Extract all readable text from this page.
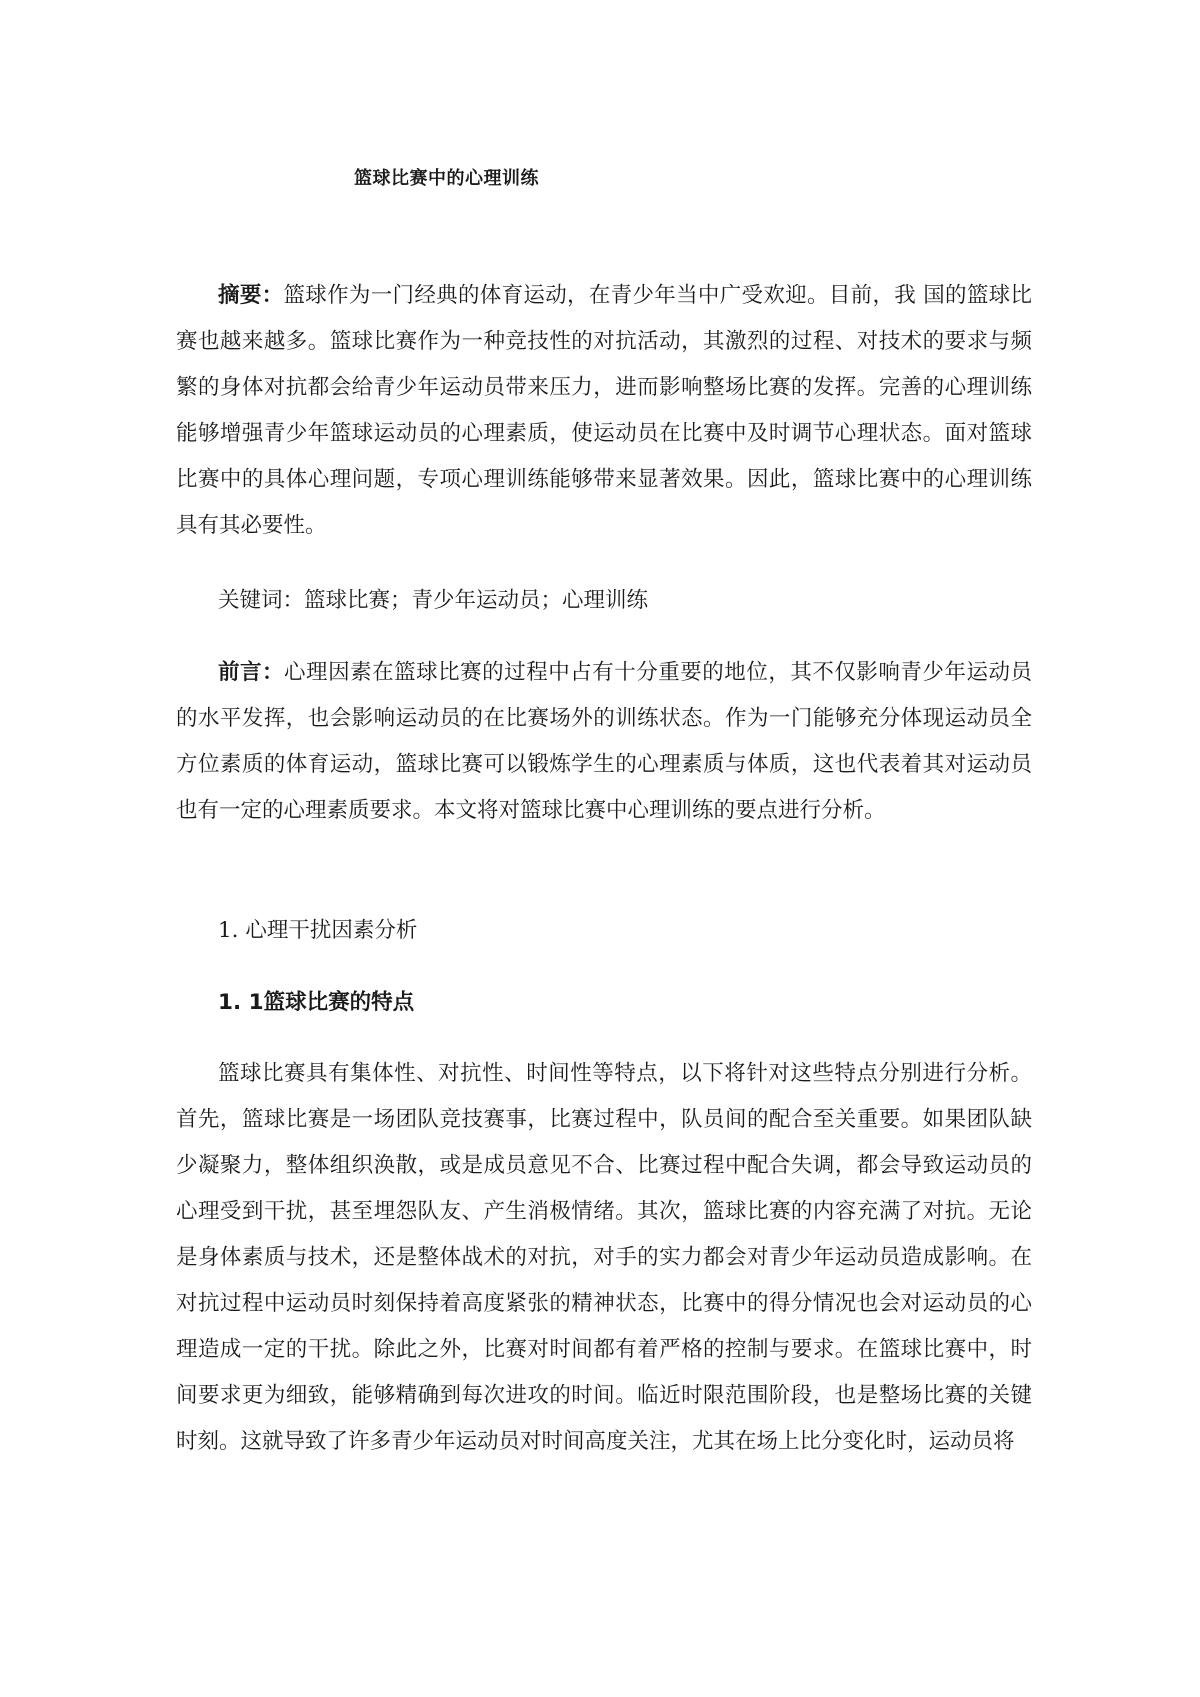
篮球比赛中的心理训练

摘要：篮球作为一门经典的体育运动，在青少年当中广受欢迎。目前，我 国的篮球比赛也越来越多。篮球比赛作为一种竞技性的对抗活动，其激烈的过程、对技术的要求与频繁的身体对抗都会给青少年运动员带来压力，进而影响整场比赛的发挥。完善的心理训练能够增强青少年篮球运动员的心理素质，使运动员在比赛中及时调节心理状态。面对篮球比赛中的具体心理问题，专项心理训练能够带来显著效果。因此，篮球比赛中的心理训练具有其必要性。

关键词：篮球比赛；青少年运动员；心理训练

前言：心理因素在篮球比赛的过程中占有十分重要的地位，其不仅影响青少年运动员的水平发挥，也会影响运动员的在比赛场外的训练状态。作为一门能够充分体现运动员全方位素质的体育运动，篮球比赛可以锻炼学生的心理素质与体质，这也代表着其对运动员也有一定的心理素质要求。本文将对篮球比赛中心理训练的要点进行分析。

1. 心理干扰因素分析
1. 1篮球比赛的特点

篮球比赛具有集体性、对抗性、时间性等特点，以下将针对这些特点分别进行分析。首先，篮球比赛是一场团队竞技赛事，比赛过程中，队员间的配合至关重要。如果团队缺少凝聚力，整体组织涣散，或是成员意见不合、比赛过程中配合失调，都会导致运动员的心理受到干扰，甚至埋怨队友、产生消极情绪。其次，篮球比赛的内容充满了对抗。无论是身体素质与技术，还是整体战术的对抗，对手的实力都会对青少年运动员造成影响。在对抗过程中运动员时刻保持着高度紧张的精神状态，比赛中的得分情况也会对运动员的心理造成一定的干扰。除此之外，比赛对时间都有着严格的控制与要求。在篮球比赛中，时间要求更为细致，能够精确到每次进攻的时间。临近时限范围阶段，也是整场比赛的关键时刻。这就导致了许多青少年运动员对时间高度关注，尤其在场上比分变化时，运动员将
